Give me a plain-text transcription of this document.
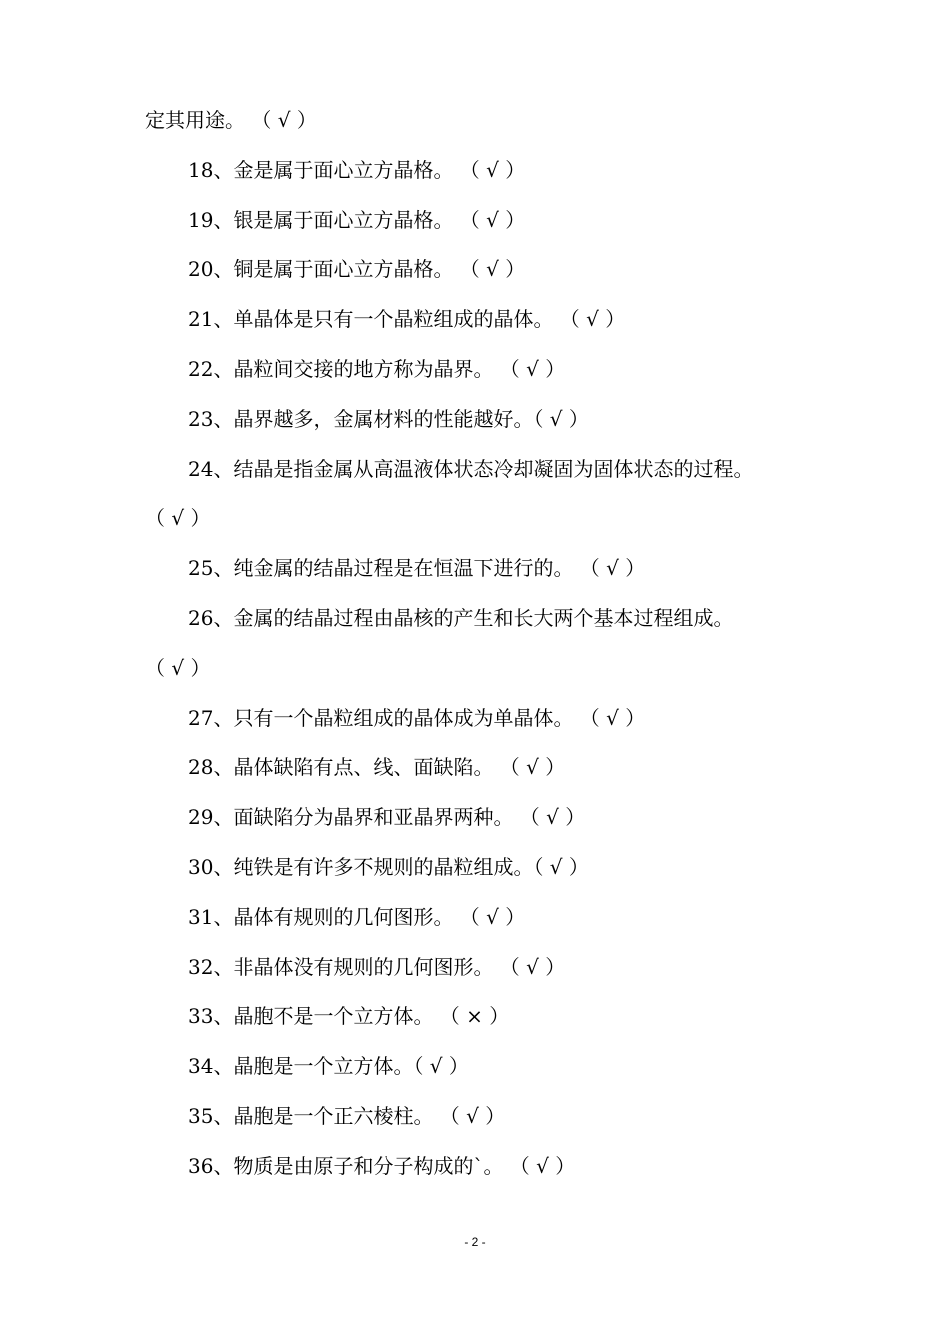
定其用途。 （ √ ）
18、金是属于面心立方晶格。 （ √ ）
19、银是属于面心立方晶格。 （ √ ）
20、铜是属于面心立方晶格。 （ √ ）
21、单晶体是只有一个晶粒组成的晶体。 （ √ ）
22、晶粒间交接的地方称为晶界。 （ √ ）
23、晶界越多，金属材料的性能越好。（ √ ）
24、结晶是指金属从高温液体状态冷却凝固为固体状态的过程。
（ √ ）
25、纯金属的结晶过程是在恒温下进行的。 （ √ ）
26、金属的结晶过程由晶核的产生和长大两个基本过程组成。
（ √ ）
27、只有一个晶粒组成的晶体成为单晶体。 （ √ ）
28、晶体缺陷有点、线、面缺陷。 （ √ ）
29、面缺陷分为晶界和亚晶界两种。 （ √ ）
30、纯铁是有许多不规则的晶粒组成。（ √ ）
31、晶体有规则的几何图形。 （ √ ）
32、非晶体没有规则的几何图形。 （ √ ）
33、晶胞不是一个立方体。 （ × ）
34、晶胞是一个立方体。（ √ ）
35、晶胞是一个正六棱柱。 （ √ ）
36、物质是由原子和分子构成的`。 （ √ ）
- 2 -
